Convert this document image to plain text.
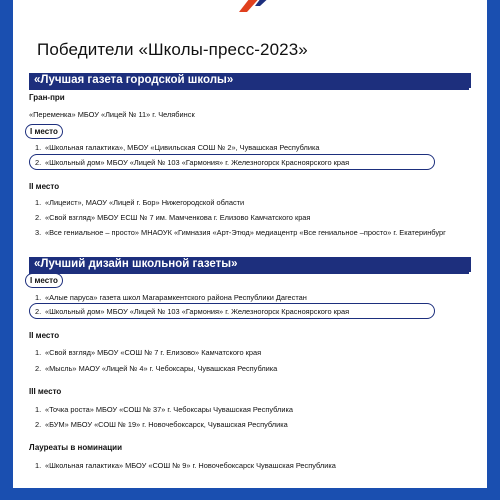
Победители «Школы-пресс-2023»
«Лучшая газета городской школы»
Гран-при
«Переменка» МБОУ «Лицей № 11» г. Челябинск
I место
1. «Школьная галактика», МБОУ «Цивильская СОШ № 2», Чувашская Республика
2. «Школьный дом» МБОУ «Лицей № 103 «Гармония» г. Железногорск Красноярского края
II место
1. «Лицеист», МАОУ «Лицей г. Бор» Нижегородской области
2. «Свой взгляд» МБОУ ЕСШ № 7 им. Мамченкова г. Елизово Камчатского края
3. «Все гениальное – просто» МНАОУК «Гимназия «Арт-Этюд» медиацентр «Все гениальное –просто» г. Екатеринбург
«Лучший дизайн школьной газеты»
I место
1. «Алые паруса» газета школ Магарамкентского района Республики Дагестан
2. «Школьный дом» МБОУ «Лицей № 103 «Гармония» г. Железногорск Красноярского края
II место
1. «Свой взгляд» МБОУ «СОШ № 7 г. Елизово» Камчатского края
2. «Мысль» МАОУ «Лицей № 4» г. Чебоксары, Чувашская Республика
III место
1. «Точка роста» МБОУ «СОШ № 37» г. Чебоксары Чувашская Республика
2. «БУМ» МБОУ «СОШ № 19» г. Новочебоксарск, Чувашская Республика
Лауреаты в номинации
1. «Школьная галактика» МБОУ «СОШ № 9» г. Новочебоксарск Чувашская Республика
